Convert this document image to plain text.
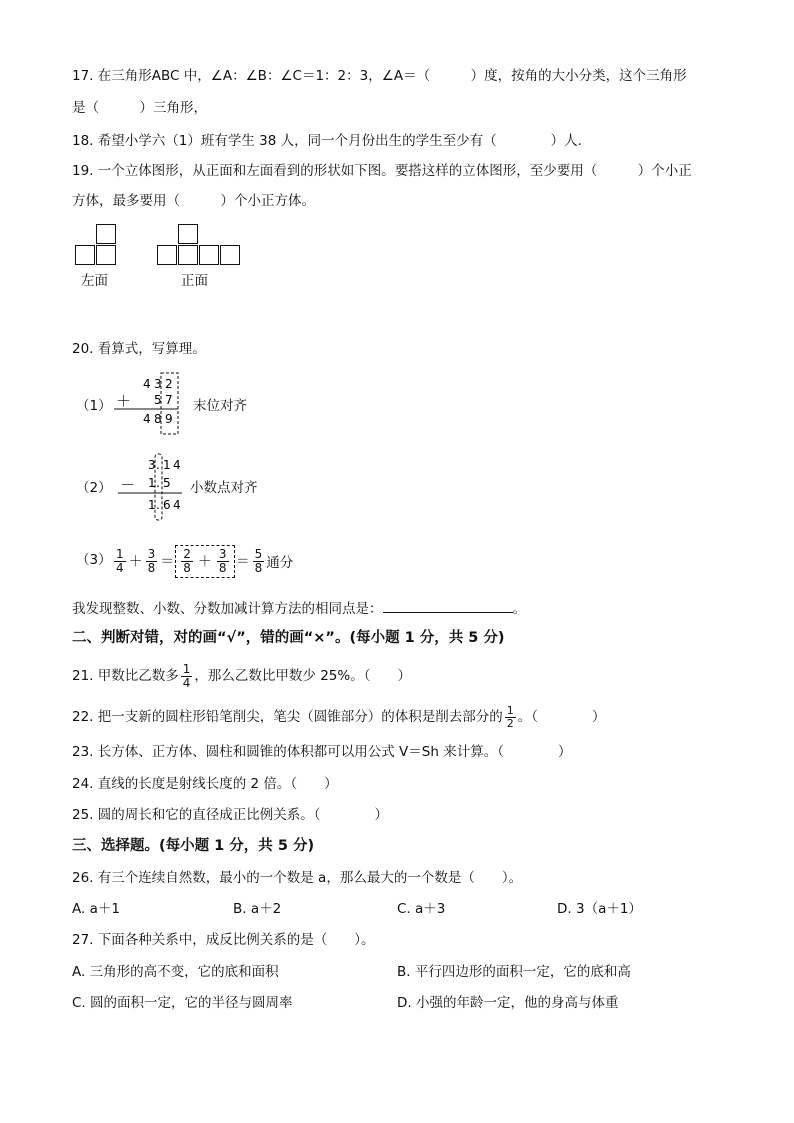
17. 在三角形ABC 中，∠A：∠B：∠C＝1：2：3，∠A＝（　　　）度，按角的大小分类，这个三角形
是（　　　）三角形，
18. 希望小学六（1）班有学生 38 人，同一个月份出生的学生至少有（　　　　）人.
19. 一个立体图形，从正面和左面看到的形状如下图。要搭这样的立体图形，至少要用（　　　）个小正
方体，最多要用（　　　）个小正方体。
左面	正面
20. 看算式，写算理。
（1）
4 3 2
＋ 5 7
4 8 9
末位对齐
（2）
3 . 1 4
－ 1 . 5
1 . 6 4
小数点对齐
$(3) \frac{1}{4} + \frac{3}{8} = \frac{2}{8} + \frac{3}{8} = \frac{5}{8}$ 通分
我发现整数、小数、分数加减计算方法的相同点是：	。
二、判断对错，对的画“√”，错的画“×”。(每小题 1 分，共 5 分)
21. 甲数比乙数多 $\frac{1}{4}$ ，那么乙数比甲数少 25%。（　　）
22. 把一支新的圆柱形铅笔削尖，笔尖（圆锥部分）的体积是削去部分的 $\frac{1}{2}$ 。（　　　　）
23. 长方体、正方体、圆柱和圆锥的体积都可以用公式 V＝Sh 来计算。（　　　　）
24. 直线的长度是射线长度的 2 倍。（　　）
25. 圆的周长和它的直径成正比例关系。（　　　　）
三、选择题。(每小题 1 分，共 5 分)
26. 有三个连续自然数，最小的一个数是 a，那么最大的一个数是（　　）。
A. a＋1	B. a＋2	C. a＋3	D. 3（a＋1）
27. 下面各种关系中，成反比例关系的是（　　）。
A. 三角形的高不变，它的底和面积	B. 平行四边形的面积一定，它的底和高
C. 圆的面积一定，它的半径与圆周率	D. 小强的年龄一定，他的身高与体重
